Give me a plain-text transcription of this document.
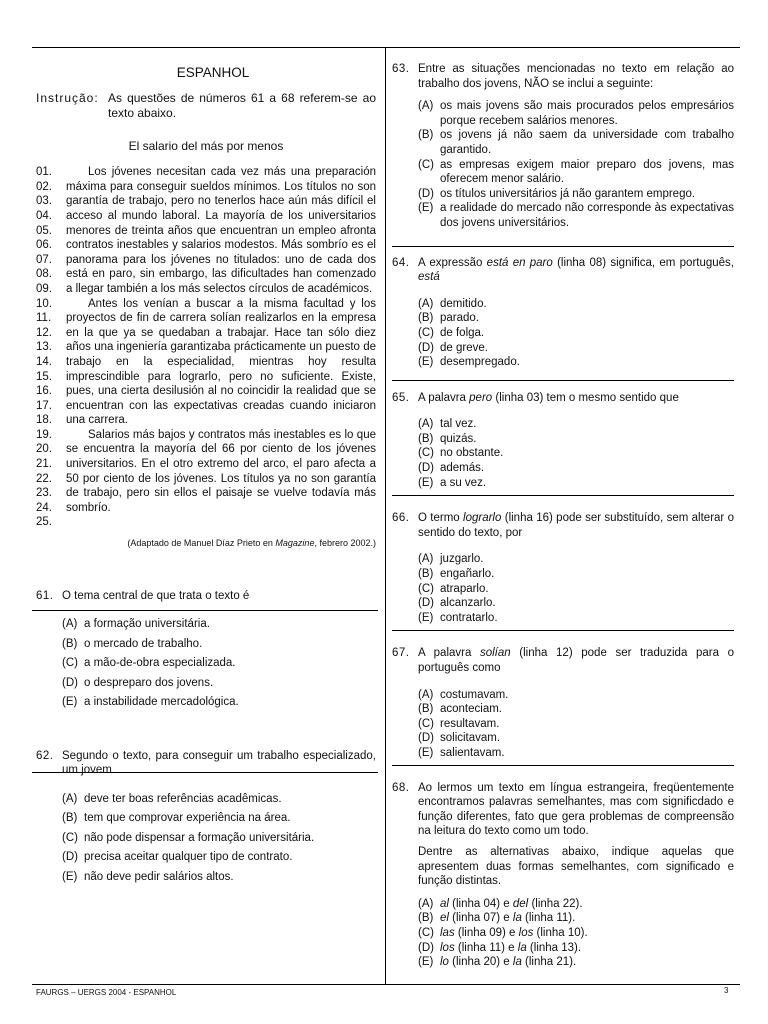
ESPANHOL
Instrução: As questões de números 61 a 68 referem-se ao texto abaixo.
El salario del más por menos
01.
02.
03.
04.
05.
06.
07.
08.
09.
10.
11.
12.
13.
14.
15.
16.
17.
18.
19.
20.
21.
22.
23.
24.
25.

Los jóvenes necesitan cada vez más una preparación máxima para conseguir sueldos mínimos. Los títulos no son garantía de trabajo, pero no tenerlos hace aún más difícil el acceso al mundo laboral. La mayoría de los universitarios menores de treinta años que encuentran un empleo afronta contratos inestables y salarios modestos. Más sombrío es el panorama para los jóvenes no titulados: uno de cada dos está en paro, sin embargo, las dificultades han comenzado a llegar también a los más selectos círculos de académicos.

Antes los venían a buscar a la misma facultad y los proyectos de fin de carrera solían realizarlos en la empresa en la que ya se quedaban a trabajar. Hace tan sólo diez años una ingeniería garantizaba prácticamente un puesto de trabajo en la especialidad, mientras hoy resulta imprescindible para lograrlo, pero no suficiente. Existe, pues, una cierta desilusión al no coincidir la realidad que se encuentran con las expectativas creadas cuando iniciaron una carrera.

Salarios más bajos y contratos más inestables es lo que se encuentra la mayoría del 66 por ciento de los jóvenes universitarios. En el otro extremo del arco, el paro afecta a 50 por ciento de los jóvenes. Los títulos ya no son garantía de trabajo, pero sin ellos el paisaje se vuelve todavía más sombrío.

(Adaptado de Manuel Díaz Prieto en Magazine, febrero 2002.)
61. O tema central de que trata o texto é
(A) a formação universitária.
(B) o mercado de trabalho.
(C) a mão-de-obra especializada.
(D) o despreparo dos jovens.
(E) a instabilidade mercadológica.
62. Segundo o texto, para conseguir um trabalho especializado, um jovem
(A) deve ter boas referências acadêmicas.
(B) tem que comprovar experiência na área.
(C) não pode dispensar a formação universitária.
(D) precisa aceitar qualquer tipo de contrato.
(E) não deve pedir salários altos.
63. Entre as situações mencionadas no texto em relação ao trabalho dos jovens, NÃO se inclui a seguinte:
(A) os mais jovens são mais procurados pelos empresários porque recebem salários menores.
(B) os jovens já não saem da universidade com trabalho garantido.
(C) as empresas exigem maior preparo dos jovens, mas oferecem menor salário.
(D) os títulos universitários já não garantem emprego.
(E) a realidade do mercado não corresponde às expectativas dos jovens universitários.
64. A expressão está en paro (linha 08) significa, em português, está
(A) demitido.
(B) parado.
(C) de folga.
(D) de greve.
(E) desempregado.
65. A palavra pero (linha 03) tem o mesmo sentido que
(A) tal vez.
(B) quizás.
(C) no obstante.
(D) además.
(E) a su vez.
66. O termo lograrlo (linha 16) pode ser substituído, sem alterar o sentido do texto, por
(A) juzgarlo.
(B) engañarlo.
(C) atraparlo.
(D) alcanzarlo.
(E) contratarlo.
67. A palavra solían (linha 12) pode ser traduzida para o português como
(A) costumavam.
(B) aconteciam.
(C) resultavam.
(D) solicitavam.
(E) salientavam.
68. Ao lermos um texto em língua estrangeira, freqüentemente encontramos palavras semelhantes, mas com significdado e função diferentes, fato que gera problemas de compreensão na leitura do texto como um todo.
Dentre as alternativas abaixo, indique aquelas que apresentem duas formas semelhantes, com significado e função distintas.
(A) al (linha 04) e del (linha 22).
(B) el (linha 07) e la (linha 11).
(C) las (linha 09) e los (linha 10).
(D) los (linha 11) e la (linha 13).
(E) lo (linha 20) e la (linha 21).
FAURGS – UERGS 2004 - ESPANHOL	3
